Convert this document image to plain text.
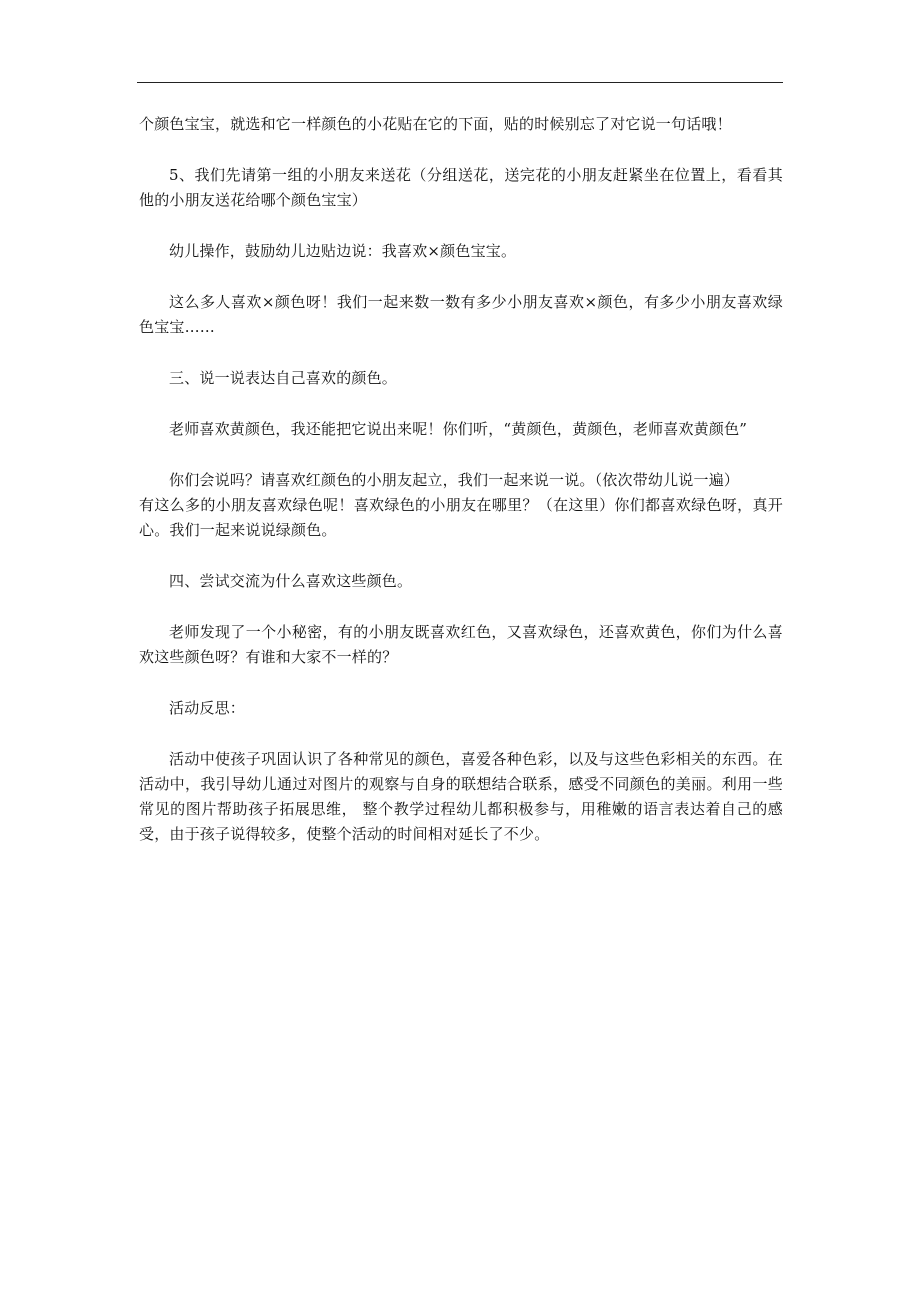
个颜色宝宝，就选和它一样颜色的小花贴在它的下面，贴的时候别忘了对它说一句话哦！

5、我们先请第一组的小朋友来送花（分组送花，送完花的小朋友赶紧坐在位置上，看看其他的小朋友送花给哪个颜色宝宝）

幼儿操作，鼓励幼儿边贴边说：我喜欢×颜色宝宝。

这么多人喜欢×颜色呀！我们一起来数一数有多少小朋友喜欢×颜色，有多少小朋友喜欢绿色宝宝……

三、说一说表达自己喜欢的颜色。

老师喜欢黄颜色，我还能把它说出来呢！你们听，“黄颜色，黄颜色，老师喜欢黄颜色”

你们会说吗？请喜欢红颜色的小朋友起立，我们一起来说一说。（依次带幼儿说一遍）

有这么多的小朋友喜欢绿色呢！喜欢绿色的小朋友在哪里？（在这里）你们都喜欢绿色呀，真开心。我们一起来说说绿颜色。

四、尝试交流为什么喜欢这些颜色。

老师发现了一个小秘密，有的小朋友既喜欢红色，又喜欢绿色，还喜欢黄色，你们为什么喜欢这些颜色呀？有谁和大家不一样的？

活动反思：

活动中使孩子巩固认识了各种常见的颜色，喜爱各种色彩，以及与这些色彩相关的东西。在活动中，我引导幼儿通过对图片的观察与自身的联想结合联系，感受不同颜色的美丽。利用一些常见的图片帮助孩子拓展思维， 整个教学过程幼儿都积极参与，用稚嫩的语言表达着自己的感受，由于孩子说得较多，使整个活动的时间相对延长了不少。
